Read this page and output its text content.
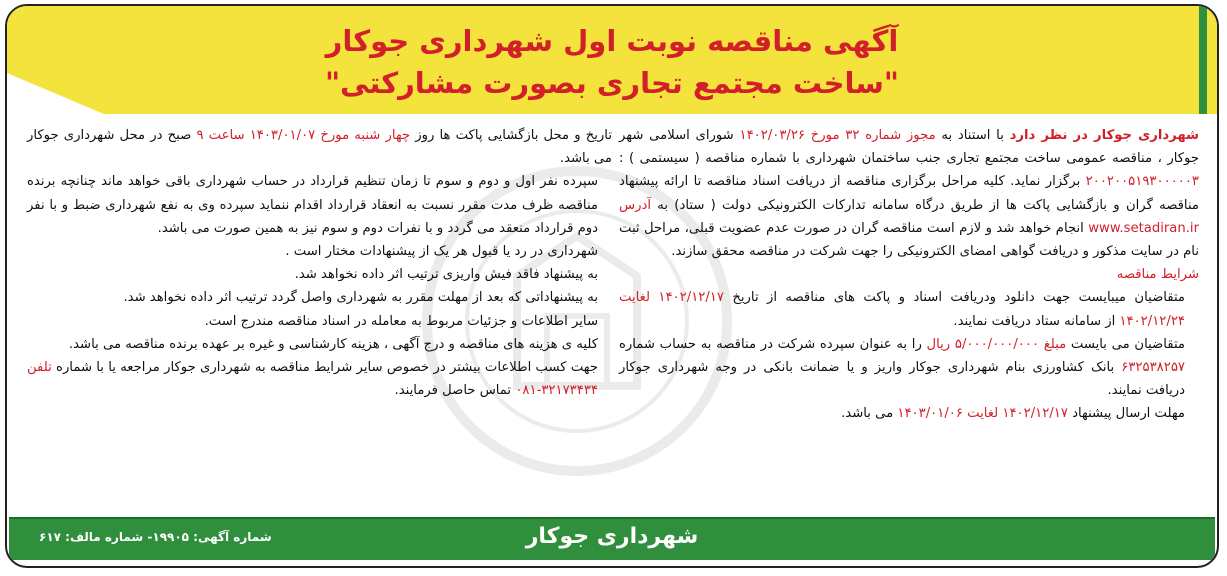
آگهی مناقصه نوبت اول شهرداری جوکار
"ساخت مجتمع تجاری بصورت مشارکتی"

شهرداری جوکار در نظر دارد با استناد به مجوز شماره ۳۲ مورخ ۱۴۰۲/۰۳/۲۶ شورای اسلامی شهر جوکار ، مناقصه عمومی ساخت مجتمع تجاری جنب ساختمان شهرداری با شماره مناقصه ( سیستمی ) : ۲۰۰۲۰۰۵۱۹۳۰۰۰۰۰۳ برگزار نماید. کلیه مراحل برگزاری مناقصه از دریافت اسناد مناقصه تا ارائه پیشنهاد مناقصه گران و بازگشایی پاکت ها از طریق درگاه سامانه تدارکات الکترونیکی دولت ( ستاد) به آدرس www.setadiran.ir انجام خواهد شد و لازم است مناقصه گران در صورت عدم عضویت قبلی، مراحل ثبت نام در سایت مذکور و دریافت گواهی امضای الکترونیکی را جهت شرکت در مناقصه محقق سازند.

شرایط مناقصه

متقاضیان میبایست جهت دانلود ودریافت اسناد و پاکت های مناقصه از تاریخ ۱۴۰۲/۱۲/۱۷ لغایت ۱۴۰۲/۱۲/۲۴ از سامانه ستاد دریافت نمایند.

متقاضیان می بایست مبلغ ۵/۰۰۰/۰۰۰/۰۰۰ ریال را به عنوان سپرده شرکت در مناقصه به حساب شماره ۶۳۲۵۳۸۲۵۷ بانک کشاورزی بنام شهرداری جوکار واریز و یا ضمانت بانکی در وجه شهرداری جوکار دریافت نمایند.

مهلت ارسال پیشنهاد ۱۴۰۲/۱۲/۱۷ لغایت ۱۴۰۳/۰۱/۰۶ می باشد.

تاریخ و محل بازگشایی پاکت ها روز چهار شنبه مورخ ۱۴۰۳/۰۱/۰۷ ساعت ۹ صبح در محل شهرداری جوکار می باشد.

سپرده نفر اول و دوم و سوم تا زمان تنظیم قرارداد در حساب شهرداری باقی خواهد ماند چنانچه برنده مناقصه ظرف مدت مقرر نسبت به انعقاد قرارداد اقدام ننماید سپرده وی به نفع شهرداری ضبط و با نفر دوم قرارداد منعقد می گردد و با نفرات دوم و سوم نیز به همین صورت می باشد.

شهرداری در رد یا قبول هر یک از پیشنهادات مختار است .

به پیشنهاد فاقد فیش واریزی ترتیب اثر داده نخواهد شد.

به پیشنهاداتی که بعد از مهلت مقرر به شهرداری واصل گردد ترتیب اثر داده نخواهد شد.

سایر اطلاعات و جزئیات مربوط به معامله در اسناد مناقصه مندرج است.

کلیه ی هزینه های مناقصه و درج آگهی ، هزینه کارشناسی و غیره بر عهده برنده مناقصه می باشد.

جهت کسب اطلاعات بیشتر در خصوص سایر شرایط مناقصه به شهرداری جوکار مراجعه یا با شماره تلفن ۳۲۱۷۳۴۳۴-۰۸۱ تماس حاصل فرمایند.

شهرداری جوکار
شماره آگهی: ۱۹۹۰۵- شماره مالف: ۶۱۷
